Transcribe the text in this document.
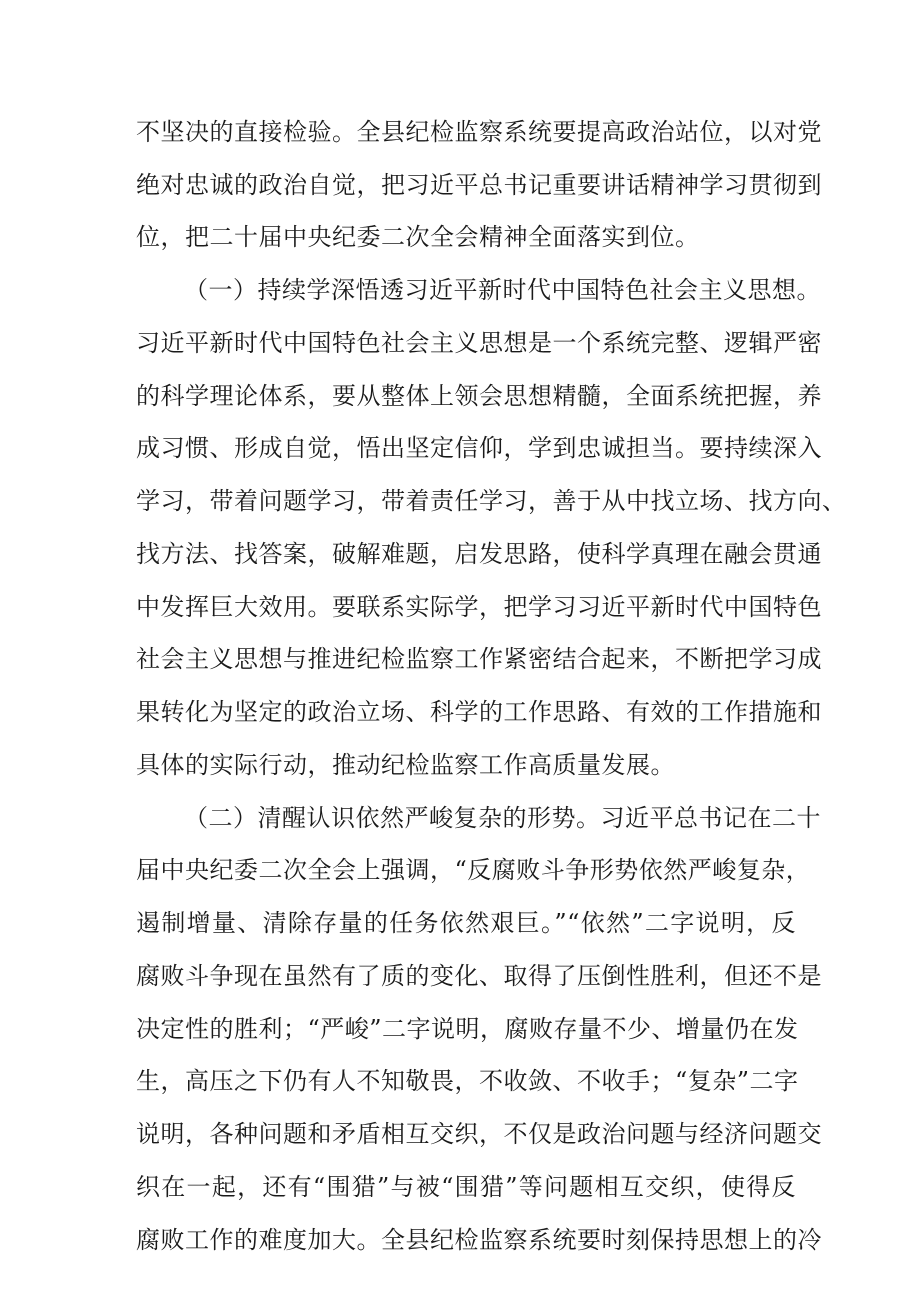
不坚决的直接检验。全县纪检监察系统要提高政治站位，以对党
绝对忠诚的政治自觉，把习近平总书记重要讲话精神学习贯彻到
位，把二十届中央纪委二次全会精神全面落实到位。
（一）持续学深悟透习近平新时代中国特色社会主义思想。
习近平新时代中国特色社会主义思想是一个系统完整、逻辑严密
的科学理论体系，要从整体上领会思想精髓，全面系统把握，养
成习惯、形成自觉，悟出坚定信仰，学到忠诚担当。要持续深入
学习，带着问题学习，带着责任学习，善于从中找立场、找方向、
找方法、找答案，破解难题，启发思路，使科学真理在融会贯通
中发挥巨大效用。要联系实际学，把学习习近平新时代中国特色
社会主义思想与推进纪检监察工作紧密结合起来，不断把学习成
果转化为坚定的政治立场、科学的工作思路、有效的工作措施和
具体的实际行动，推动纪检监察工作高质量发展。
（二）清醒认识依然严峻复杂的形势。习近平总书记在二十
届中央纪委二次全会上强调，“反腐败斗争形势依然严峻复杂，
遏制增量、清除存量的任务依然艰巨。”“依然”二字说明，反
腐败斗争现在虽然有了质的变化、取得了压倒性胜利，但还不是
决定性的胜利；“严峻”二字说明，腐败存量不少、增量仍在发
生，高压之下仍有人不知敬畏，不收敛、不收手；“复杂”二字
说明，各种问题和矛盾相互交织，不仅是政治问题与经济问题交
织在一起，还有“围猎”与被“围猎”等问题相互交织，使得反
腐败工作的难度加大。全县纪检监察系统要时刻保持思想上的冷
